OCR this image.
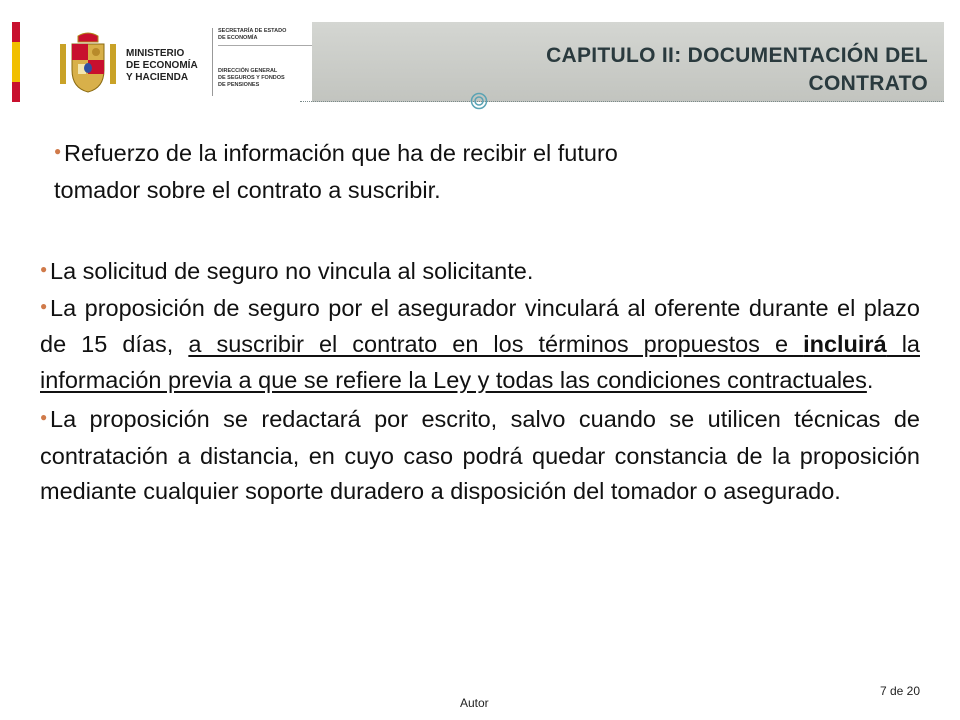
MINISTERIO
DE ECONOMÍA
Y HACIENDA
SECRETARÍA DE ESTADO
DE ECONOMÍA
DIRECCIÓN GENERAL
DE SEGUROS Y FONDOS
DE PENSIONES
CAPITULO II: DOCUMENTACIÓN DEL
CONTRATO

● Refuerzo de la información que ha de recibir el futuro
tomador sobre el contrato a suscribir.

● La solicitud de seguro no vincula al solicitante.

● La proposición de seguro por el asegurador vinculará al oferente durante el plazo de 15 días, a suscribir el contrato en los términos propuestos e incluirá la información previa a que se refiere la Ley y todas las condiciones contractuales.

● La proposición se redactará por escrito, salvo cuando se utilicen técnicas de contratación a distancia, en cuyo caso podrá quedar constancia de la proposición mediante cualquier soporte duradero a disposición del tomador o asegurado.

Autor
7 de 20
